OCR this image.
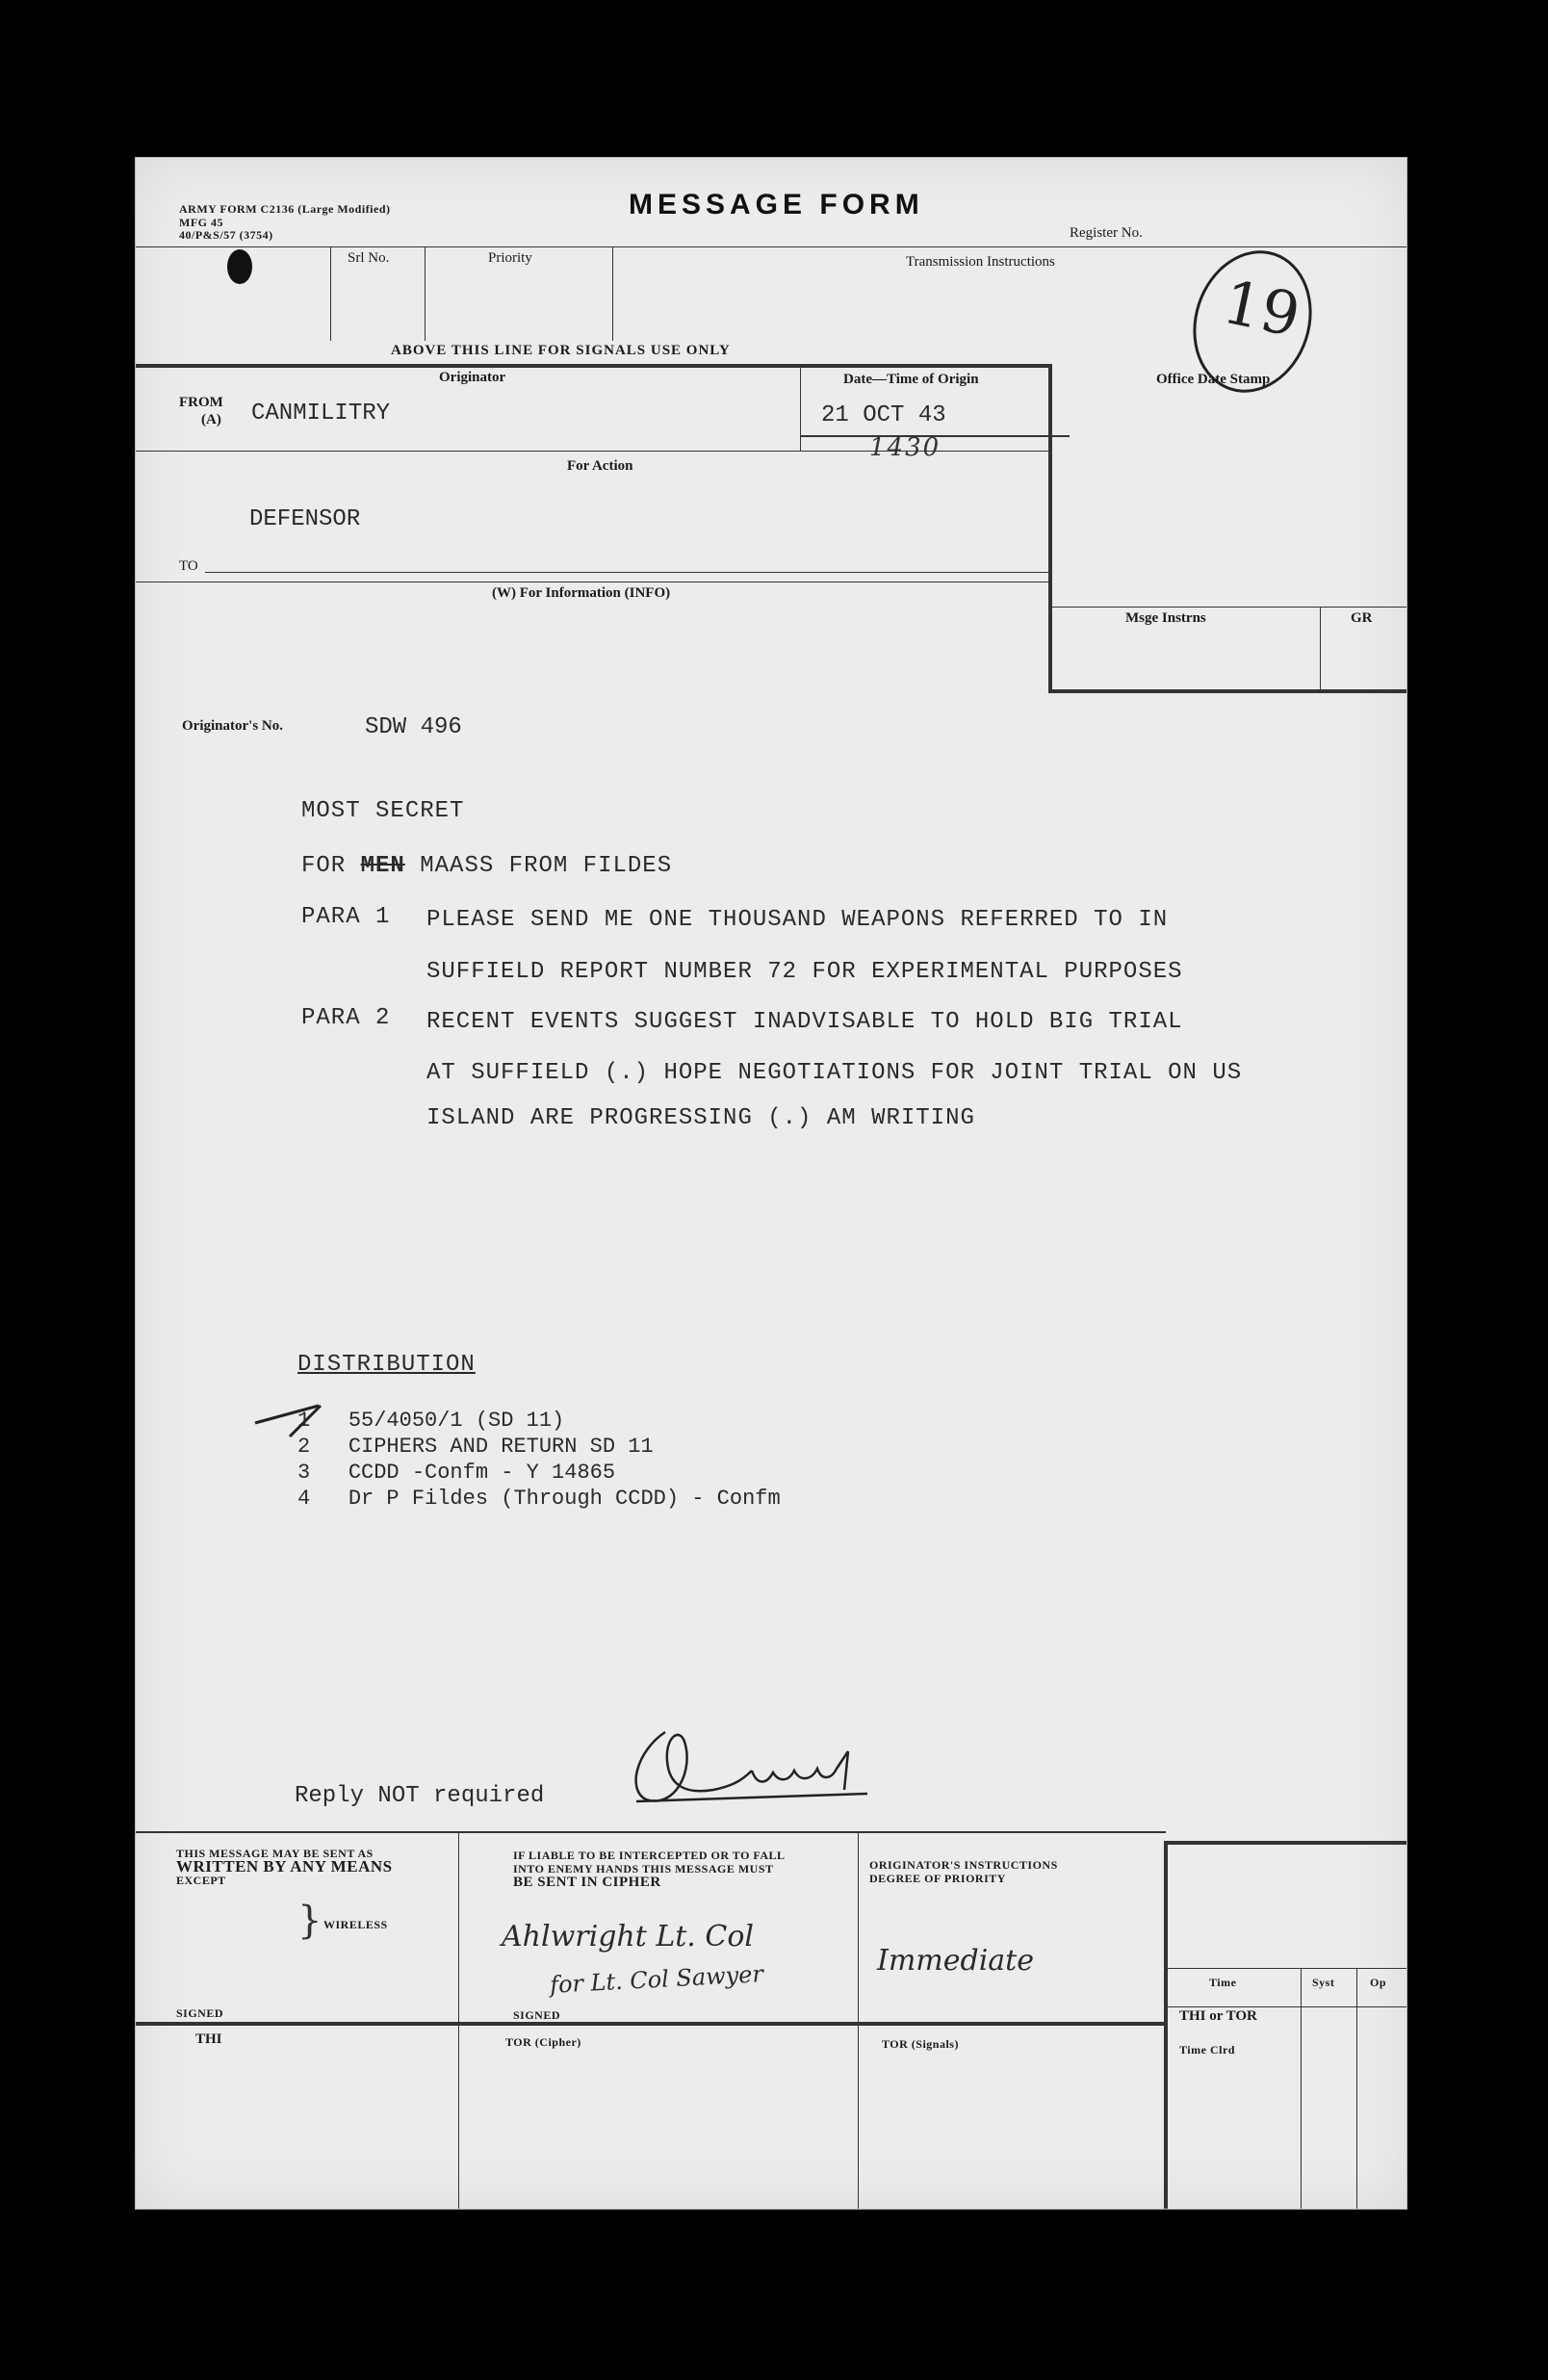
ARMY FORM C2136 (Large Modified)
MFG 45
40/P&S/57 (3754)
MESSAGE FORM
Register No.
Srl No.	Priority	Transmission Instructions
ABOVE THIS LINE FOR SIGNALS USE ONLY	19
Originator
FROM
(A) CANMILITRY
Date—Time of Origin
21 OCT 43
1430
Office Date Stamp
For Action
DEFENSOR
TO
(W) For Information (INFO)
Msge Instrns	GR
Originator's No.	SDW 496
MOST SECRET
FOR MEN MAASS FROM FILDES
PARA 1 PLEASE SEND ME ONE THOUSAND WEAPONS REFERRED TO IN
SUFFIELD REPORT NUMBER 72 FOR EXPERIMENTAL PURPOSES
PARA 2 RECENT EVENTS SUGGEST INADVISABLE TO HOLD BIG TRIAL
AT SUFFIELD (.) HOPE NEGOTIATIONS FOR JOINT TRIAL ON US
ISLAND ARE PROGRESSING (.) AM WRITING
DISTRIBUTION
1 55/4050/1 (SD 11)
2 CIPHERS AND RETURN SD 11
3 CCDD -Confm - Y 14865
4 Dr P Fildes (Through CCDD) - Confm
Reply NOT required
THIS MESSAGE MAY BE SENT AS
WRITTEN BY ANY MEANS
EXCEPT
} WIRELESS
SIGNED
IF LIABLE TO BE INTERCEPTED OR TO FALL
INTO ENEMY HANDS THIS MESSAGE MUST
BE SENT IN CIPHER
Ahlwright Lt. Col
for Lt. Col Sawyer
SIGNED
ORIGINATOR'S INSTRUCTIONS
DEGREE OF PRIORITY
Immediate
Time	Syst	Op
THI or TOR
Time Clrd
THI	TOR (Cipher)	TOR (Signals)
